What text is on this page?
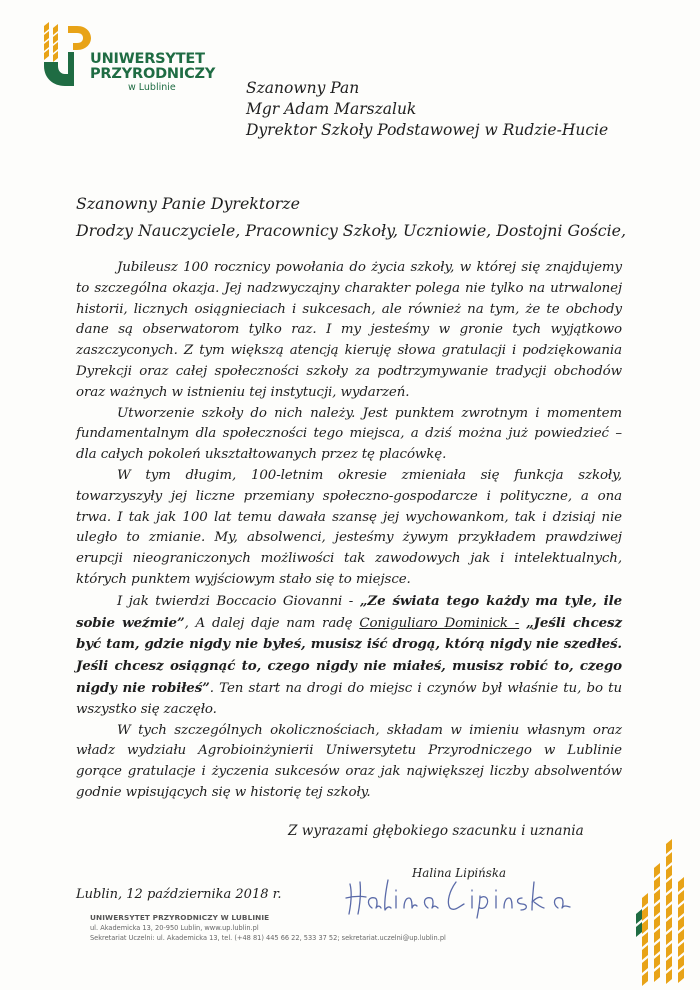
UNIWERSYTET
PRZYRODNICZY
w Lublinie	Szanowny Pan
Mgr Adam Marszaluk
Dyrektor Szkoły Podstawowej w Rudzie-Hucie
Szanowny Panie Dyrektorze
Drodzy Nauczyciele, Pracownicy Szkoły, Uczniowie, Dostojni Goście,

Jubileusz 100 rocznicy powołania do życia szkoły, w której się znajdujemy to szczególna okazja. Jej nadzwyczajny charakter polega nie tylko na utrwalonej historii, licznych osiągnieciach i sukcesach, ale również na tym, że te obchody dane są obserwatorom tylko raz. I my jesteśmy w gronie tych wyjątkowo zaszczyconych. Z tym większą atencją kieruję słowa gratulacji i podziękowania Dyrekcji oraz całej społeczności szkoły za podtrzymywanie tradycji obchodów oraz ważnych w istnieniu tej instytucji, wydarzeń.

Utworzenie szkoły do nich należy. Jest punktem zwrotnym i momentem fundamentalnym dla społeczności tego miejsca, a dziś można już powiedzieć – dla całych pokoleń ukształtowanych przez tę placówkę.

W tym długim, 100-letnim okresie zmieniała się funkcja szkoły, towarzyszyły jej liczne przemiany społeczno-gospodarcze i polityczne, a ona trwa. I tak jak 100 lat temu dawała szansę jej wychowankom, tak i dzisiaj nie uległo to zmianie. My, absolwenci, jesteśmy żywym przykładem prawdziwej erupcji nieograniczonych możliwości tak zawodowych jak i intelektualnych, których punktem wyjściowym stało się to miejsce.

I jak twierdzi Boccacio Giovanni - „Ze świata tego każdy ma tyle, ile sobie weźmie”, A dalej daje nam radę Coniguliaro Dominick - „Jeśli chcesz być tam, gdzie nigdy nie byłeś, musisz iść drogą, którą nigdy nie szedłeś. Jeśli chcesz osiągnąć to, czego nigdy nie miałeś, musisz robić to, czego nigdy nie robiłeś”. Ten start na drogi do miejsc i czynów był właśnie tu, bo tu wszystko się zaczęło.

W tych szczególnych okolicznościach, składam w imieniu własnym oraz władz wydziału Agrobioinżynierii Uniwersytetu Przyrodniczego w Lublinie gorące gratulacje i życzenia sukcesów oraz jak największej liczby absolwentów godnie wpisujących się w historię tej szkoły.

Z wyrazami głębokiego szacunku i uznania
Halina Lipińska
Lublin, 12 października 2018 r.
UNIWERSYTET PRZYRODNICZY W LUBLINIE
ul. Akademicka 13, 20-950 Lublin, www.up.lublin.pl
Sekretariat Uczelni: ul. Akademicka 13, tel. (+48 81) 445 66 22, 533 37 52; sekretariat.uczelni@up.lublin.pl
